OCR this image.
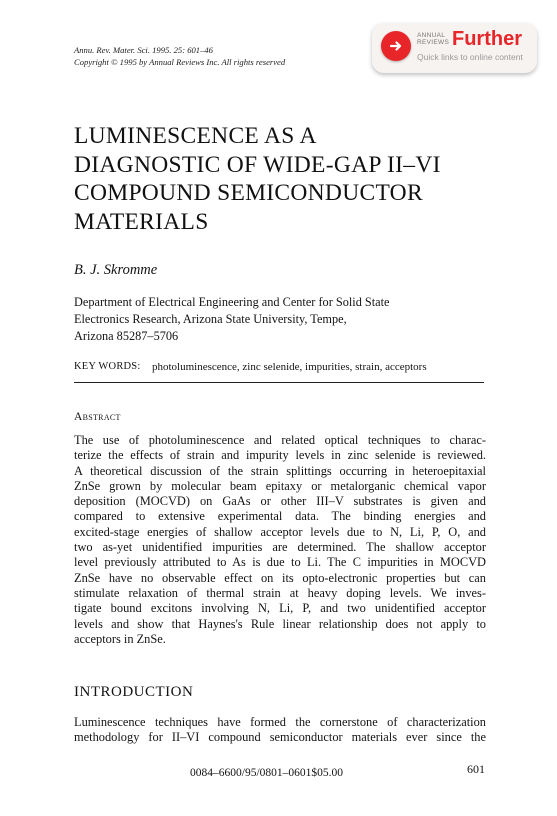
Annu. Rev. Mater. Sci. 1995. 25: 601–46
Copyright © 1995 by Annual Reviews Inc. All rights reserved
ANNUAL
REVIEWS Further
Quick links to online content
LUMINESCENCE AS A
DIAGNOSTIC OF WIDE-GAP II–VI
COMPOUND SEMICONDUCTOR
MATERIALS
B. J. Skromme
Department of Electrical Engineering and Center for Solid State
Electronics Research, Arizona State University, Tempe,
Arizona 85287–5706
KEY WORDS: photoluminescence, zinc selenide, impurities, strain, acceptors
Abstract
The use of photoluminescence and related optical techniques to charac-
terize the effects of strain and impurity levels in zinc selenide is reviewed.
A theoretical discussion of the strain splittings occurring in heteroepitaxial
ZnSe grown by molecular beam epitaxy or metalorganic chemical vapor
deposition (MOCVD) on GaAs or other III–V substrates is given and
compared to extensive experimental data. The binding energies and
excited-stage energies of shallow acceptor levels due to N, Li, P, O, and
two as-yet unidentified impurities are determined. The shallow acceptor
level previously attributed to As is due to Li. The C impurities in MOCVD
ZnSe have no observable effect on its opto-electronic properties but can
stimulate relaxation of thermal strain at heavy doping levels. We inves-
tigate bound excitons involving N, Li, P, and two unidentified acceptor
levels and show that Haynes's Rule linear relationship does not apply to
acceptors in ZnSe.
INTRODUCTION
Luminescence techniques have formed the cornerstone of characterization
methodology for II–VI compound semiconductor materials ever since the
0084–6600/95/0801–0601$05.00	601
